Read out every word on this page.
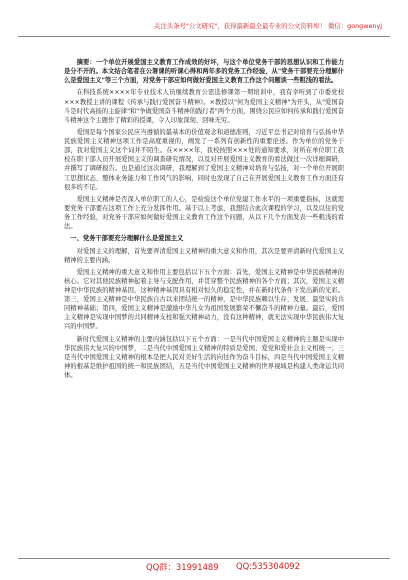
关注头条号"公文研究"，获得最新最全最专业的公文资料库！ 微信：gongwenyj

摘要：一个单位开展爱国主义教育工作成效的好坏，与这个单位党务干部的思想认识和工作能力是分不开的。本文结合笔者在公署课的听课心得和两年多的党务工作经验，从"党务干部要充分理解什么是爱国主义"等三个方面，对党务干部应如何做好爱国主义教育工作这个问题谈一些粗浅的看法。

在科技系统××××年专业技术人员继续教育公需选修课第一期培训中，我有幸听到了市委党校×××教授主讲的课程《传承与践行爱国奋斗精神》。×教授以"何为爱国主义精神"为开头，从"爱国奋斗是时代高扬的主旋律"和"争做爱国奋斗精神的践行者"两个方面，围绕公民应如何传承和践行爱国奋斗精神这个主题作了精彩的授课，令人印象深刻、回味无穷。

爱国是每个国家公民应当遵循的最基本的价值观念和道德准则，习近平总书记对培育与弘扬中华民族爱国主义精神这项工作是高度重视的，阐发了一系列有创新性的重要论述。作为单位的党务干部，我对爱国主义这个词并不陌生。在××××年，我校按照×××处的通知要求，对所在单位职工我校在职干部人员开展爱国主义的调查研究情况，以及对开展爱国主义教育的看法做过一次详细调研，并撰写了调研报告。也是通过这次调研，我理解到了爱国主义精神对培育与弘扬，对一个单位开展职工思想状态、整体业务能力和工作风气的影响，同时也发现了自己在开展爱国主义教育工作方面还有很多的不足。

爱国主义精神是否深入单位职工的人心，是检验这个单位党建工作水平的一项重要指标，这就需要党务干部要在这项工作上充分发挥作用。基于以上考虑，我想结合此次课程的学习，以及以往的党务工作经验，对党务干部应如何做好爱国主义教育工作这个问题，从以下几个方面发表一些粗浅的看法。

一、党务干部要充分理解什么是爱国主义

对爱国主义的理解，首先要弄清爱国主义精神的重大意义和作用，其次是要弄清新时代爱国主义精神的主要内涵。

爱国主义精神的重大意义和作用主要包括以下五个方面：首先，爱国主义精神是中华民族精神的核心。它对其他民族精神起着主导与支配作用，并贯穿整个民族精神的各个方面；其次，爱国主义精神是中华民族的精神基因，这种精神基因具有相对恒久的稳定性，并在新时代条件下发出新的光彩。第三，爱国主义精神是中华民族自古以来团结统一的精神，是中华民族赖以生存、发展、最坚实的共同精神基础；第四，爱国主义精神是激励中华儿女为祖国发展繁荣不懈奋斗的精神力量。最后，爱国主义精神是实现中国梦的共同精神支柱和强大精神动力，没有这种精神，就无法实现中华民族伟大复兴的中国梦。

新时代爱国主义精神的主要内涵包括以下五个方面：一是当代中国爱国主义精神的主题是实现中华民族伟大复兴的中国梦，二是当代中国爱国主义精神的特质是爱国、爱党和爱社会主义相统一；三是当代中国爱国主义精神的根本是把人民对美好生活的向往作为奋斗目标，四是当代中国爱国主义精神的根基是维护祖国的统一和民族团结，五是当代中国爱国主义精神的世界视域是构建人类命运共同体。

QQ群：31991489 QQ:535304092
